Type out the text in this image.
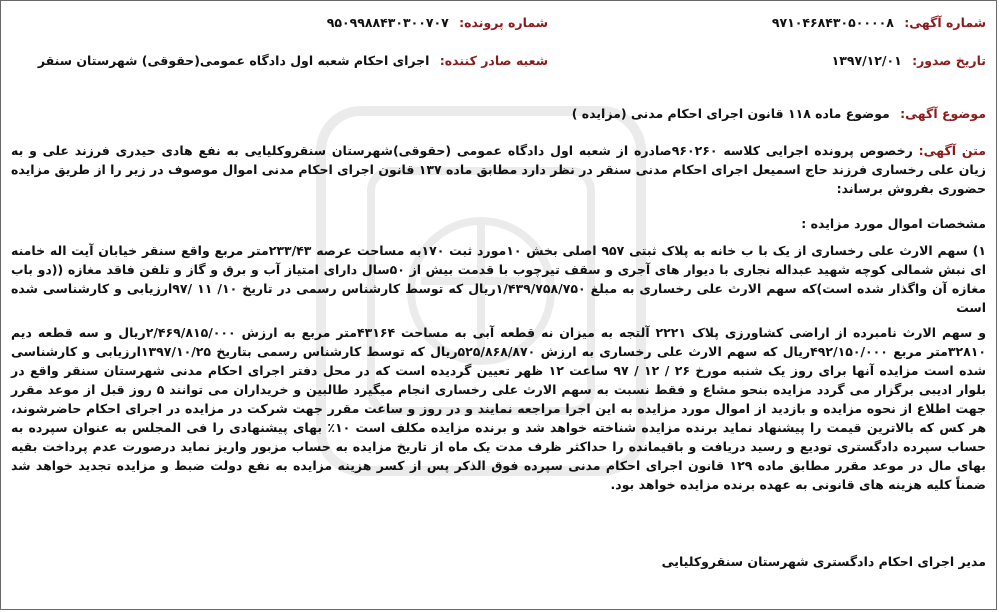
شماره آگهی: ۹۷۱۰۴۶۸۴۳۰۵۰۰۰۰۸
شماره پرونده: ۹۵۰۹۹۸۸۴۳۰۳۰۰۷۰۷
تاریخ صدور: ۱۳۹۷/۱۲/۰۱
شعبه صادر کننده: اجرای احکام شعبه اول دادگاه عمومی(حقوقی) شهرستان سنقر
موضوع آگهی: موضوع ماده ۱۱۸ قانون اجرای احکام مدنی (مزایده )

متن آگهی: رخصوص پرونده اجرایی کلاسه ۹۶۰۲۶۰صادره از شعبه اول دادگاه عمومی (حقوقی)شهرستان سنقروکلیایی به نفع هادی حیدری فرزند علی و به زیان علی رخساری فرزند حاج اسمیعل اجرای احکام مدنی سنقر در نظر دارد مطابق ماده ۱۳۷ قانون اجرای احکام مدنی اموال موصوف در زیر را از طریق مزایده حضوری بفروش برساند:

مشخصات اموال مورد مزایده :

۱) سهم الارث علی رخساری از یک با ب خانه به پلاک ثبتی ۹۵۷ اصلی بخش ۱۰مورد ثبت ۱۷۰به مساحت عرصه ۲۳۳/۴۳متر مربع واقع سنقر خیابان آیت اله خامنه ای نبش شمالی کوچه شهید عبداله نجاری با دیوار های آجری و سقف تیرچوب با قدمت بیش از ۵۰سال دارای امتیاز آب و برق و گاز و تلفن فاقد مغازه ((دو باب مغازه آن واگذار شده است)که سهم الارث علی رخساری به مبلغ ۱/۴۳۹/۷۵۸/۷۵۰ریال که توسط کارشناس رسمی در تاریخ ۱۰/ ۱۱ /۹۷ارزیابی و کارشناسی شده است

و سهم الارث نامبرده از اراضی کشاورزی پلاک ۲۲۲۱ آلتجه به میزان نه قطعه آبی به مساحت ۴۳۱۶۴متر مربع به ارزش ۲/۴۶۹/۸۱۵/۰۰۰ریال و سه قطعه دیم ۳۲۸۱۰متر مربع ۴۹۲/۱۵۰/۰۰۰ریال که سهم الارث علی رخساری به ارزش ۵۲۵/۸۶۸/۸۷۰ریال که توسط کارشناس رسمی بتاریخ ۱۳۹۷/۱۰/۲۵ارزیابی و کارشناسی شده است مزایده آنها برای روز یک شنبه مورخ ۲۶ / ۱۲ / ۹۷ ساعت ۱۲ ظهر تعیین گردیده است که در محل دفتر اجرای احکام مدنی شهرستان سنقر واقع در بلوار ادیبی برگزار می گردد مزایده بنحو مشاع و فقط نسبت به سهم الارث علی رخساری انجام میگیرد طالبین و خریداران می توانند ۵ روز قبل از موعد مقرر جهت اطلاع از نحوه مزایده و بازدید از اموال مورد مزایده به این اجرا مراجعه نمایند و در روز و ساعت مقرر جهت شرکت در مزایده در اجرای احکام حاضرشوند، هر کس که بالاترین قیمت را پیشنهاد نماید برنده مزایده شناخته خواهد شد و برنده مزایده مکلف است ۱۰٪ بهای پیشنهادی را فی المجلس به عنوان سپرده به حساب سپرده دادگستری تودیع و رسید دریافت و باقیمانده را حداکثر ظرف مدت یک ماه از تاریخ مزایده به حساب مزبور واریز نماید درصورت عدم پرداخت بقیه بهای مال در موعد مقرر مطابق ماده ۱۲۹ قانون اجرای احکام مدنی سپرده فوق الذکر پس از کسر هزینه مزایده به نفع دولت ضبط و مزایده تجدید خواهد شد ضمناً کلیه هزینه های قانونی به عهده برنده مزایده خواهد بود.

مدیر اجرای احکام دادگستری شهرستان سنقروکلیایی
